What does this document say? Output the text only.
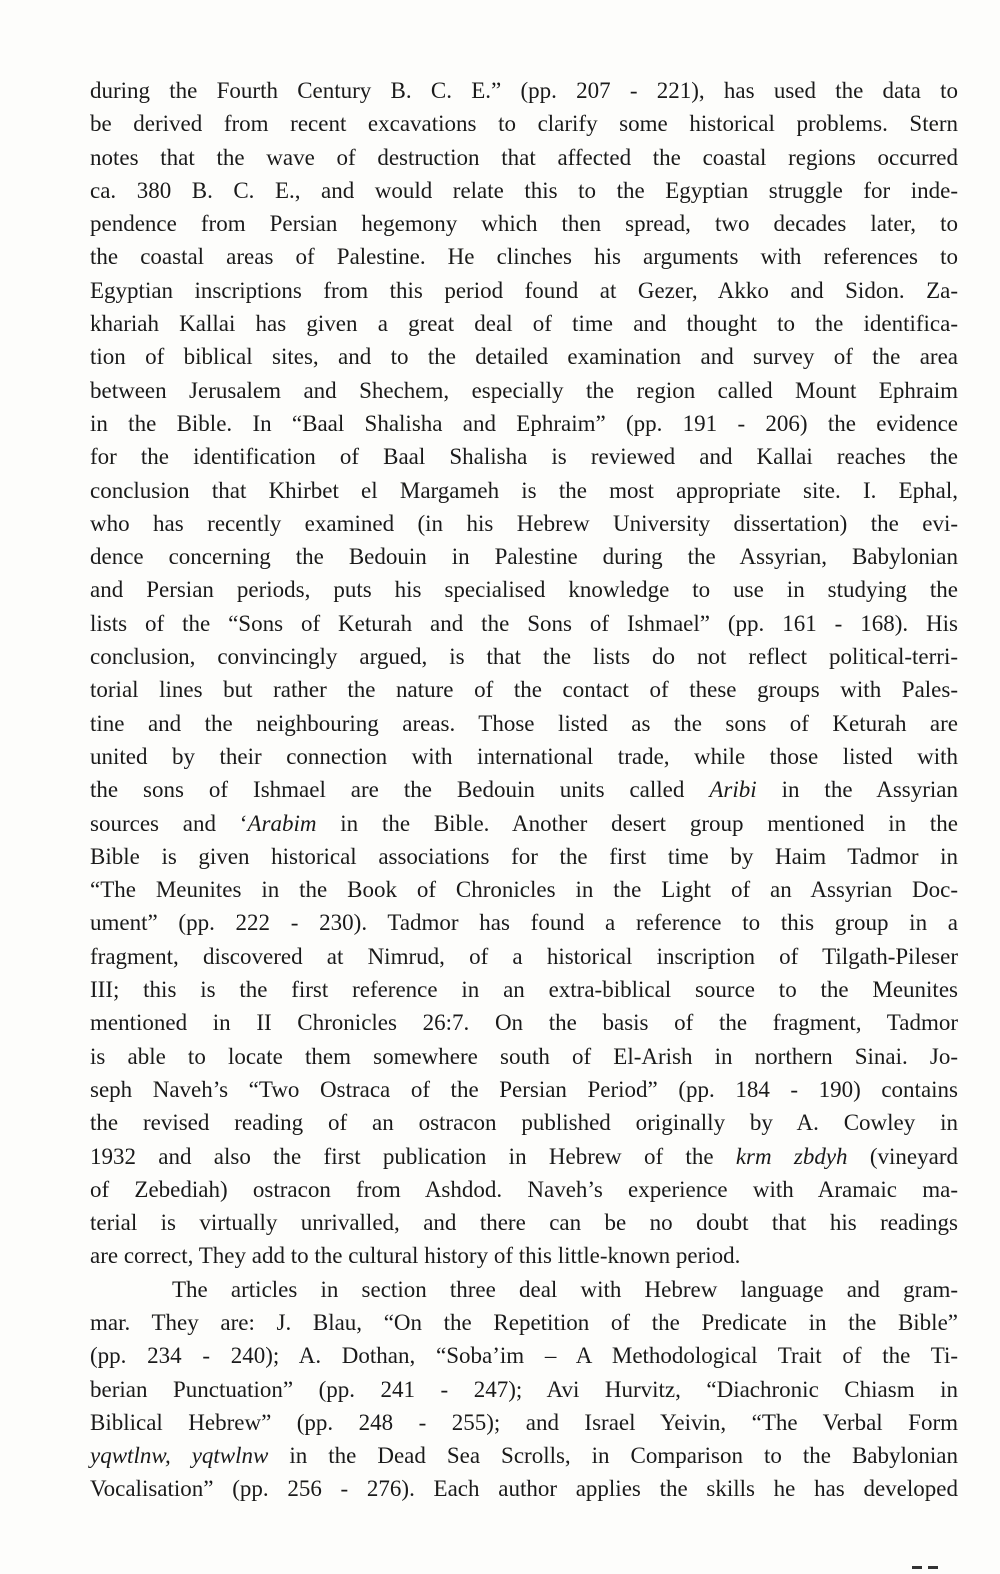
during the Fourth Century B. C. E.” (pp. 207 - 221), has used the data to
be derived from recent excavations to clarify some historical problems. Stern
notes that the wave of destruction that affected the coastal regions occurred
ca. 380 B. C. E., and would relate this to the Egyptian struggle for inde-
pendence from Persian hegemony which then spread, two decades later, to
the coastal areas of Palestine. He clinches his arguments with references to
Egyptian inscriptions from this period found at Gezer, Akko and Sidon. Za-
khariah Kallai has given a great deal of time and thought to the identifica-
tion of biblical sites, and to the detailed examination and survey of the area
between Jerusalem and Shechem, especially the region called Mount Ephraim
in the Bible. In “Baal Shalisha and Ephraim” (pp. 191 - 206) the evidence
for the identification of Baal Shalisha is reviewed and Kallai reaches the
conclusion that Khirbet el Margameh is the most appropriate site. I. Ephal,
who has recently examined (in his Hebrew University dissertation) the evi-
dence concerning the Bedouin in Palestine during the Assyrian, Babylonian
and Persian periods, puts his specialised knowledge to use in studying the
lists of the “Sons of Keturah and the Sons of Ishmael” (pp. 161 - 168). His
conclusion, convincingly argued, is that the lists do not reflect political-terri-
torial lines but rather the nature of the contact of these groups with Pales-
tine and the neighbouring areas. Those listed as the sons of Keturah are
united by their connection with international trade, while those listed with
the sons of Ishmael are the Bedouin units called Aribi in the Assyrian
sources and ‘Arabim in the Bible. Another desert group mentioned in the
Bible is given historical associations for the first time by Haim Tadmor in
“The Meunites in the Book of Chronicles in the Light of an Assyrian Doc-
ument” (pp. 222 - 230). Tadmor has found a reference to this group in a
fragment, discovered at Nimrud, of a historical inscription of Tilgath-Pileser
III; this is the first reference in an extra-biblical source to the Meunites
mentioned in II Chronicles 26:7. On the basis of the fragment, Tadmor
is able to locate them somewhere south of El-Arish in northern Sinai. Jo-
seph Naveh’s “Two Ostraca of the Persian Period” (pp. 184 - 190) contains
the revised reading of an ostracon published originally by A. Cowley in
1932 and also the first publication in Hebrew of the krm zbdyh (vineyard
of Zebediah) ostracon from Ashdod. Naveh’s experience with Aramaic ma-
terial is virtually unrivalled, and there can be no doubt that his readings
are correct, They add to the cultural history of this little-known period.
The articles in section three deal with Hebrew language and gram-
mar. They are: J. Blau, “On the Repetition of the Predicate in the Bible”
(pp. 234 - 240); A. Dothan, “Soba’im – A Methodological Trait of the Ti-
berian Punctuation” (pp. 241 - 247); Avi Hurvitz, “Diachronic Chiasm in
Biblical Hebrew” (pp. 248 - 255); and Israel Yeivin, “The Verbal Form
yqwtlnw, yqtwlnw in the Dead Sea Scrolls, in Comparison to the Babylonian
Vocalisation” (pp. 256 - 276). Each author applies the skills he has developed
